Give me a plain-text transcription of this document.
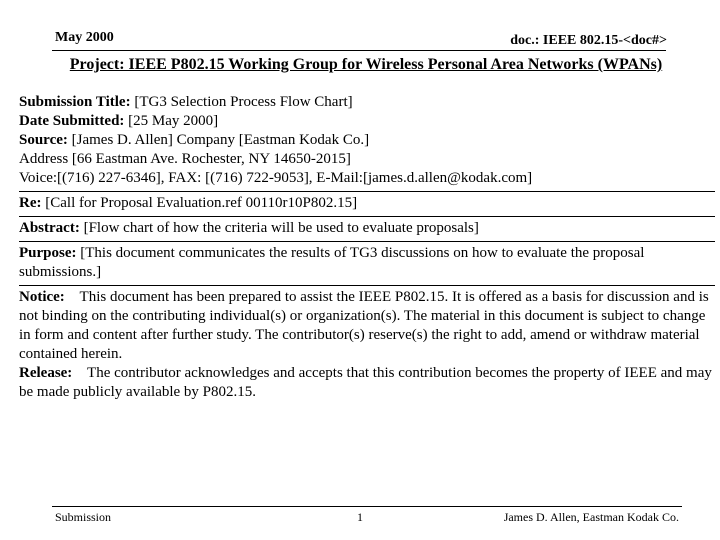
May 2000	doc.: IEEE 802.15-<doc#>
Project: IEEE P802.15 Working Group for Wireless Personal Area Networks (WPANs)
Submission Title: [TG3 Selection Process Flow Chart]
Date Submitted: [25 May 2000]
Source: [James D. Allen] Company [Eastman Kodak Co.]
Address [66 Eastman Ave. Rochester, NY 14650-2015]
Voice:[(716) 227-6346], FAX: [(716) 722-9053], E-Mail:[james.d.allen@kodak.com]
Re: [Call for Proposal Evaluation.ref 00110r10P802.15]
Abstract: [Flow chart of how the criteria will be used to evaluate proposals]
Purpose: [This document communicates the results of TG3 discussions on how to evaluate the proposal submissions.]
Notice: This document has been prepared to assist the IEEE P802.15. It is offered as a basis for discussion and is not binding on the contributing individual(s) or organization(s). The material in this document is subject to change in form and content after further study. The contributor(s) reserve(s) the right to add, amend or withdraw material contained herein.
Release: The contributor acknowledges and accepts that this contribution becomes the property of IEEE and may be made publicly available by P802.15.
Submission	1	James D. Allen, Eastman Kodak Co.
